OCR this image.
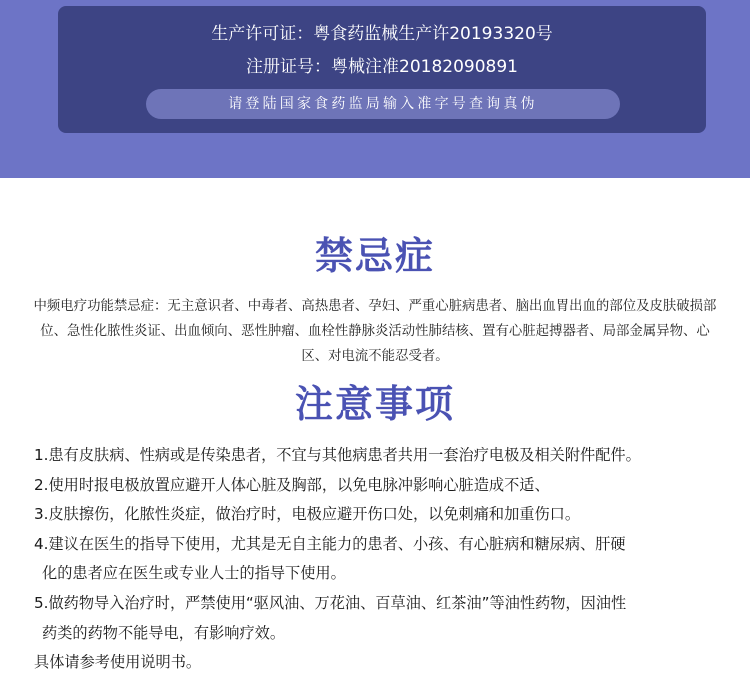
生产许可证：粤食药监械生产许20193320号
注册证号：粤械注准20182090891
请登陆国家食药监局输入准字号查询真伪
禁忌症
中频电疗功能禁忌症：无主意识者、中毒者、高热患者、孕妇、严重心脏病患者、脑出血胃出血的部位及皮肤破损部位、急性化脓性炎证、出血倾向、恶性肿瘤、血栓性静脉炎活动性肺结核、置有心脏起搏器者、局部金属异物、心区、对电流不能忍受者。
注意事项
1.患有皮肤病、性病或是传染患者，不宜与其他病患者共用一套治疗电极及相关附件配件。
2.使用时报电极放置应避开人体心脏及胸部，以免电脉冲影响心脏造成不适、
3.皮肤擦伤，化脓性炎症，做治疗时，电极应避开伤口处，以免刺痛和加重伤口。
4.建议在医生的指导下使用，尤其是无自主能力的患者、小孩、有心脏病和糖尿病、肝硬
化的患者应在医生或专业人士的指导下使用。
5.做药物导入治疗时，严禁使用“驱风油、万花油、百草油、红茶油”等油性药物，因油性
药类的药物不能导电，有影响疗效。
具体请参考使用说明书。
